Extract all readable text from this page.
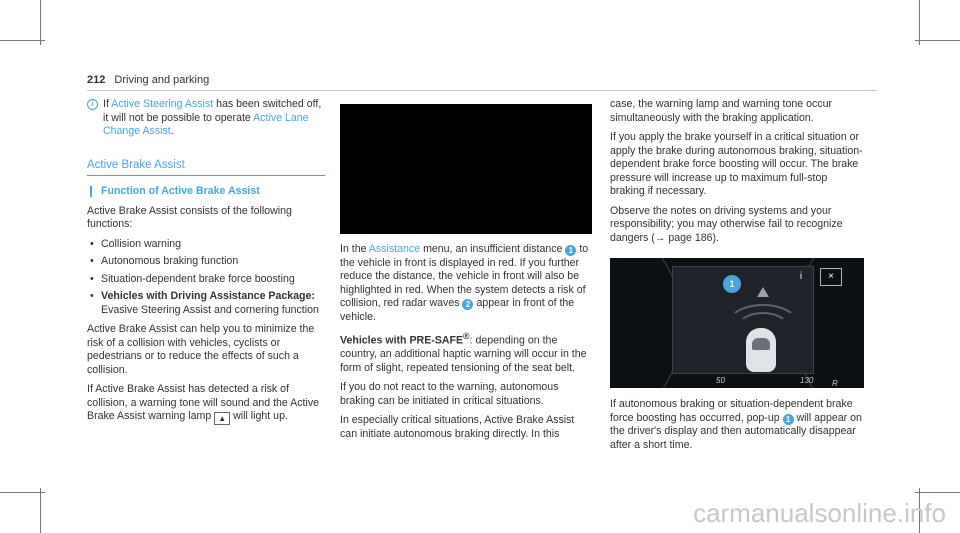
212 Driving and parking

i If Active Steering Assist has been switched off, it will not be possible to operate Active Lane Change Assist.

Active Brake Assist
Function of Active Brake Assist

Active Brake Assist consists of the following functions:

• Collision warning
• Autonomous braking function
• Situation-dependent brake force boosting
• Vehicles with Driving Assistance Package: Evasive Steering Assist and cornering function

Active Brake Assist can help you to minimize the risk of a collision with vehicles, cyclists or pedestrians or to reduce the effects of such a collision.

If Active Brake Assist has detected a risk of collision, a warning tone will sound and the Active Brake Assist warning lamp ▲ will light up.

In the Assistance menu, an insufficient distance 1 to the vehicle in front is displayed in red. If you further reduce the distance, the vehicle in front will also be highlighted in red. When the system detects a risk of collision, red radar waves 2 appear in front of the vehicle.

Vehicles with PRE-SAFE®: depending on the country, an additional haptic warning will occur in the form of slight, repeated tensioning of the seat belt.

If you do not react to the warning, autonomous braking can be initiated in critical situations.

In especially critical situations, Active Brake Assist can initiate autonomous braking directly. In this

case, the warning lamp and warning tone occur simultaneously with the braking application.

If you apply the brake yourself in a critical situation or apply the brake during autonomous braking, situation-dependent brake force boosting will occur. The brake pressure will increase up to maximum full-stop braking if necessary.

Observe the notes on driving systems and your responsibility; you may otherwise fail to recognize dangers (→ page 186).

i	×
1
50	130 R

If autonomous braking or situation-dependent brake force boosting has occurred, pop-up 1 will appear on the driver's display and then automatically disappear after a short time.

carmanualsonline.info
